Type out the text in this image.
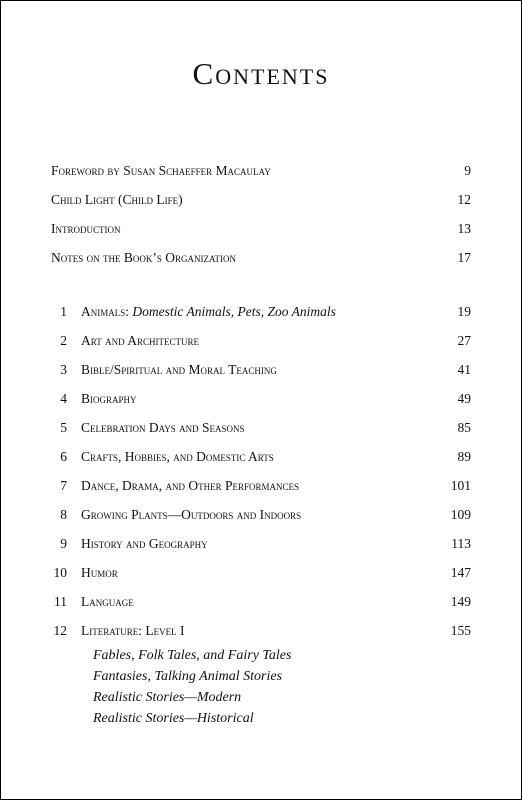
Contents
Foreword by Susan Schaeffer Macaulay	9
Child Light (Child Life)	12
Introduction	13
Notes on the Book’s Organization	17
1 Animals: Domestic Animals, Pets, Zoo Animals	19
2 Art and Architecture	27
3 Bible/Spiritual and Moral Teaching	41
4 Biography	49
5 Celebration Days and Seasons	85
6 Crafts, Hobbies, and Domestic Arts	89
7 Dance, Drama, and Other Performances	101
8 Growing Plants—Outdoors and Indoors	109
9 History and Geography	113
10 Humor	147
11 Language	149
12 Literature: Level I	155
Fables, Folk Tales, and Fairy Tales
Fantasies, Talking Animal Stories
Realistic Stories—Modern
Realistic Stories—Historical
